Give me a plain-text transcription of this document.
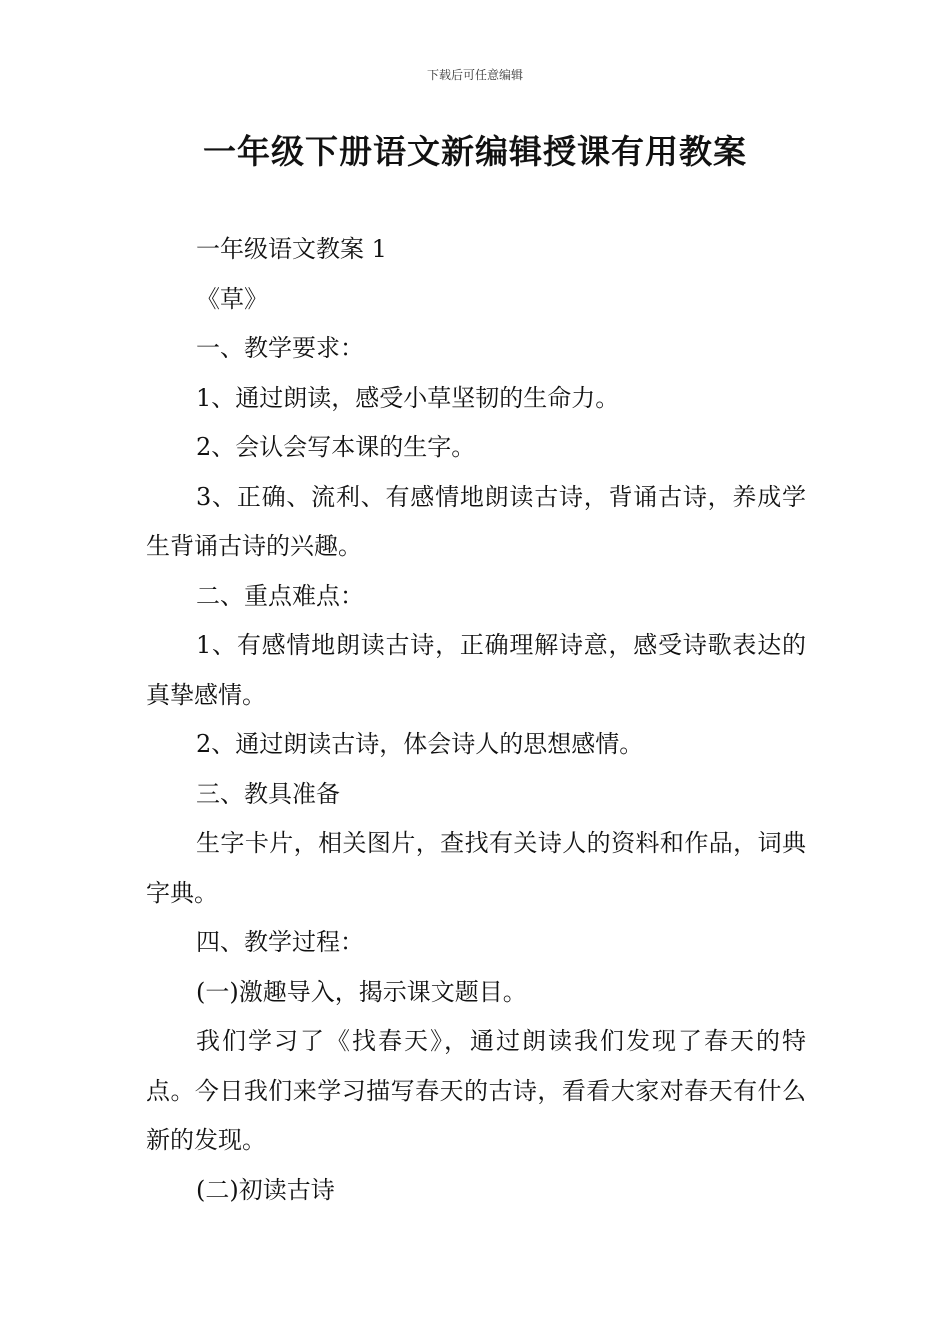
下载后可任意编辑
一年级下册语文新编辑授课有用教案

一年级语文教案 1

《草》

一、教学要求：

1、通过朗读，感受小草坚韧的生命力。

2、会认会写本课的生字。

3、正确、流利、有感情地朗读古诗，背诵古诗，养成学生背诵古诗的兴趣。

二、重点难点：

1、有感情地朗读古诗，正确理解诗意，感受诗歌表达的真挚感情。

2、通过朗读古诗，体会诗人的思想感情。

三、教具准备

生字卡片，相关图片，查找有关诗人的资料和作品，词典字典。

四、教学过程：

(一)激趣导入，揭示课文题目。

我们学习了《找春天》，通过朗读我们发现了春天的特点。今日我们来学习描写春天的古诗，看看大家对春天有什么新的发现。

(二)初读古诗
